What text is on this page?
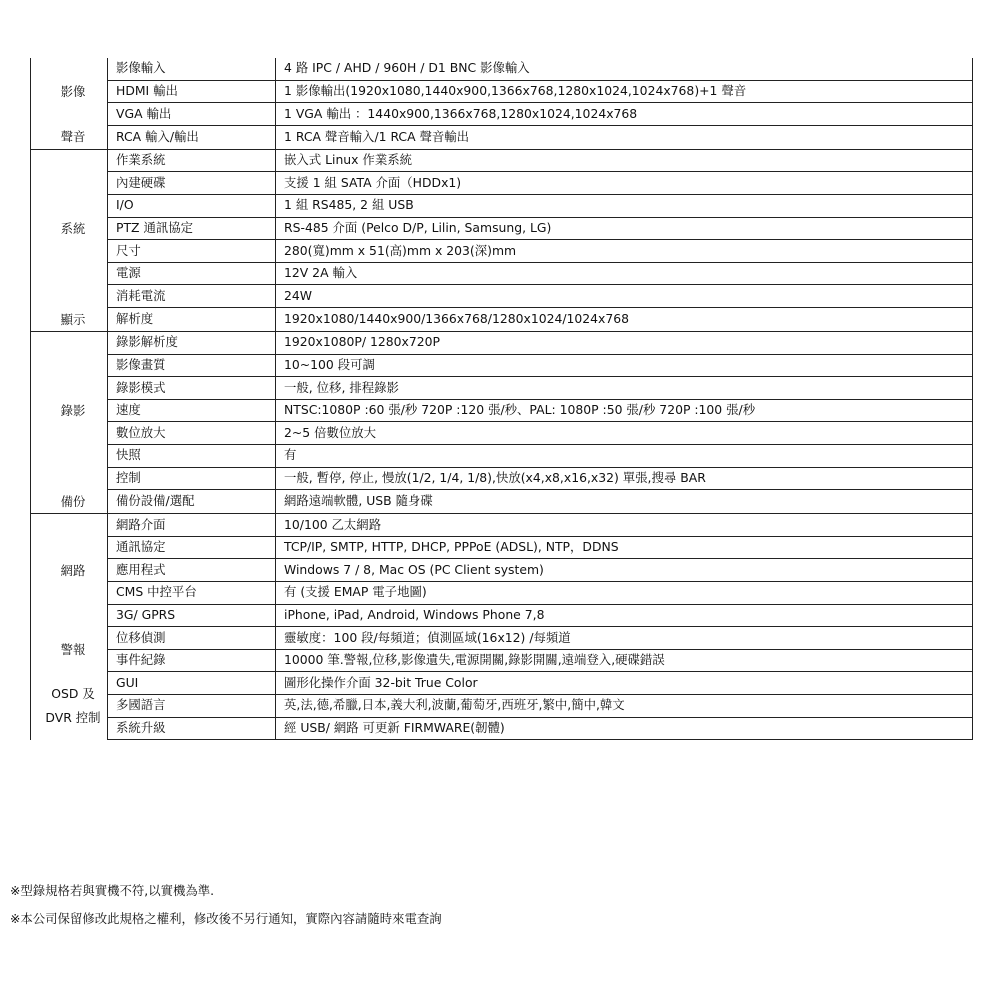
影像	影像輸入	4 路 IPC / AHD / 960H / D1 BNC 影像輸入
	HDMI 輸出	1 影像輸出(1920x1080,1440x900,1366x768,1280x1024,1024x768)+1 聲音
	VGA 輸出	1 VGA 輸出 ：1440x900,1366x768,1280x1024,1024x768

聲音	RCA 輸入/輸出	1 RCA 聲音輸入/1 RCA 聲音輸出

系統	作業系統	嵌入式 Linux 作業系統
	內建硬碟	支援 1 組 SATA 介面（HDDx1)
	I/O	1 組 RS485, 2 組 USB
	PTZ 通訊協定	RS-485 介面 (Pelco D/P, Lilin, Samsung, LG)
	尺寸	280(寬)mm x 51(高)mm x 203(深)mm
	電源	12V 2A 輸入
	消耗電流	24W

顯示	解析度	1920x1080/1440x900/1366x768/1280x1024/1024x768

錄影	錄影解析度	1920x1080P/ 1280x720P
	影像畫質	10~100 段可調
	錄影模式	一般, 位移, 排程錄影
	速度	NTSC:1080P :60 張/秒 720P :120 張/秒、PAL: 1080P :50 張/秒 720P :100 張/秒
	數位放大	2~5 倍數位放大
	快照	有
	控制	一般, 暫停, 停止, 慢放(1/2, 1/4, 1/8),快放(x4,x8,x16,x32) 單張,搜尋 BAR

備份	備份設備/選配	網路遠端軟體, USB 隨身碟

網路	網路介面	10/100 乙太網路
	通訊協定	TCP/IP, SMTP, HTTP, DHCP, PPPoE (ADSL), NTP，DDNS
	應用程式	Windows 7 / 8, Mac OS (PC Client system)
	CMS 中控平台	有 (支援 EMAP 電子地圖)
	3G/ GPRS	iPhone, iPad, Android, Windows Phone 7,8

警報	位移偵測	靈敏度：100 段/每頻道；偵測區域(16x12) /每頻道
	事件紀錄	10000 筆.警報,位移,影像遺失,電源開關,錄影開關,遠端登入,硬碟錯誤

OSD 及
DVR 控制	GUI	圖形化操作介面 32-bit True Color
	多國語言	英,法,德,希臘,日本,義大利,波蘭,葡萄牙,西班牙,繁中,簡中,韓文
	系統升級	經 USB/ 網路 可更新 FIRMWARE(韌體)
※型錄規格若與實機不符,以實機為準.
※本公司保留修改此規格之權利，修改後不另行通知，實際內容請隨時來電查詢
